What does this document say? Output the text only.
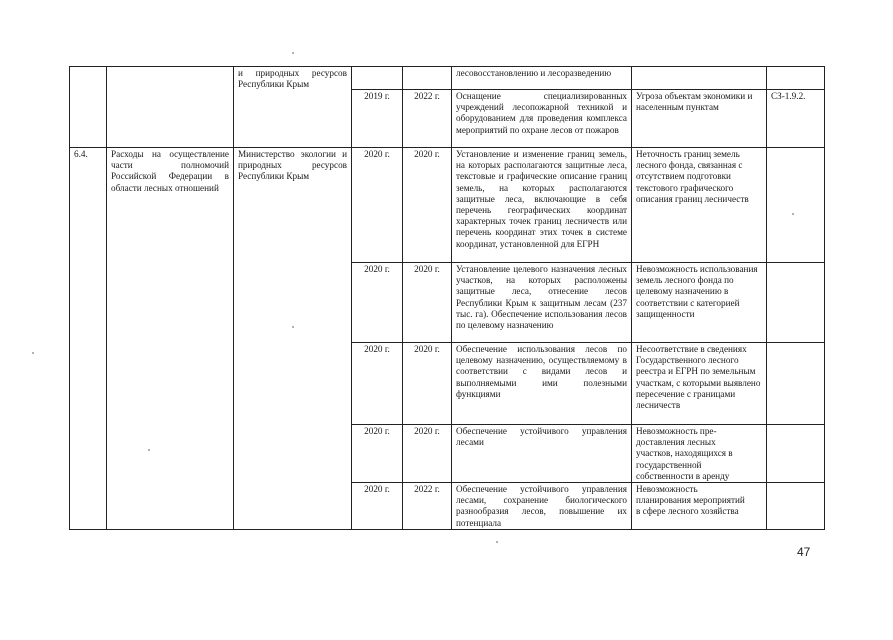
		и природных ресурсов Республики Крым			лесовосстановлению и лесоразведению		

			2019 г.	2022 г.	Оснащение специализированных учреждений лесопожарной техникой и оборудованием для проведения комплекса мероприятий по охране лесов от пожаров	Угроза объектам экономики и населенным пунктам	СЗ-1.9.2.
6.4.	Расходы на осуществление части полномочий Российской Федерации в области лесных отношений	Министерство экологии и природных ресурсов Республики Крым	2020 г.	2020 г.	Установление и изменение границ земель, на которых располагаются защитные леса, текстовые и графические описание границ земель, на которых располагаются защитные леса, включающие в себя перечень географических координат характерных точек границ лесничеств или перечень координат этих точек в системе координат, установленной для ЕГРН	Неточность границ земель лесного фонда, связанная с отсутствием подготовки текстового графического описания границ лесничеств	

			2020 г.	2020 г.	Установление целевого назначения лесных участков, на которых расположены защитные леса, отнесение лесов Республики Крым к защитным лесам (237 тыс. га). Обеспечение использования лесов по целевому назначению	Невозможность использования земель лесного фонда по целевому назначению в соответствии с категорией защищенности	

			2020 г.	2020 г.	Обеспечение использования лесов по целевому назначению, осуществляемому в соответствии с видами лесов и выполняемыми ими полезными функциями	Несоответствие в сведениях Государственного лесного реестра и ЕГРН по земельным участкам, с которыми выявлено пересечение с границами лесничеств	

			2020 г.	2020 г.	Обеспечение устойчивого управления лесами	Невозможность пре-
доставления лесных
участков, находящихся в
государственной
собственности в аренду	

			2020 г.	2022 г.	Обеспечение устойчивого управления лесами, сохранение биологического разнообразия лесов, повышение их потенциала	Невозможность
планирования мероприятий
в сфере лесного хозяйства	

47
